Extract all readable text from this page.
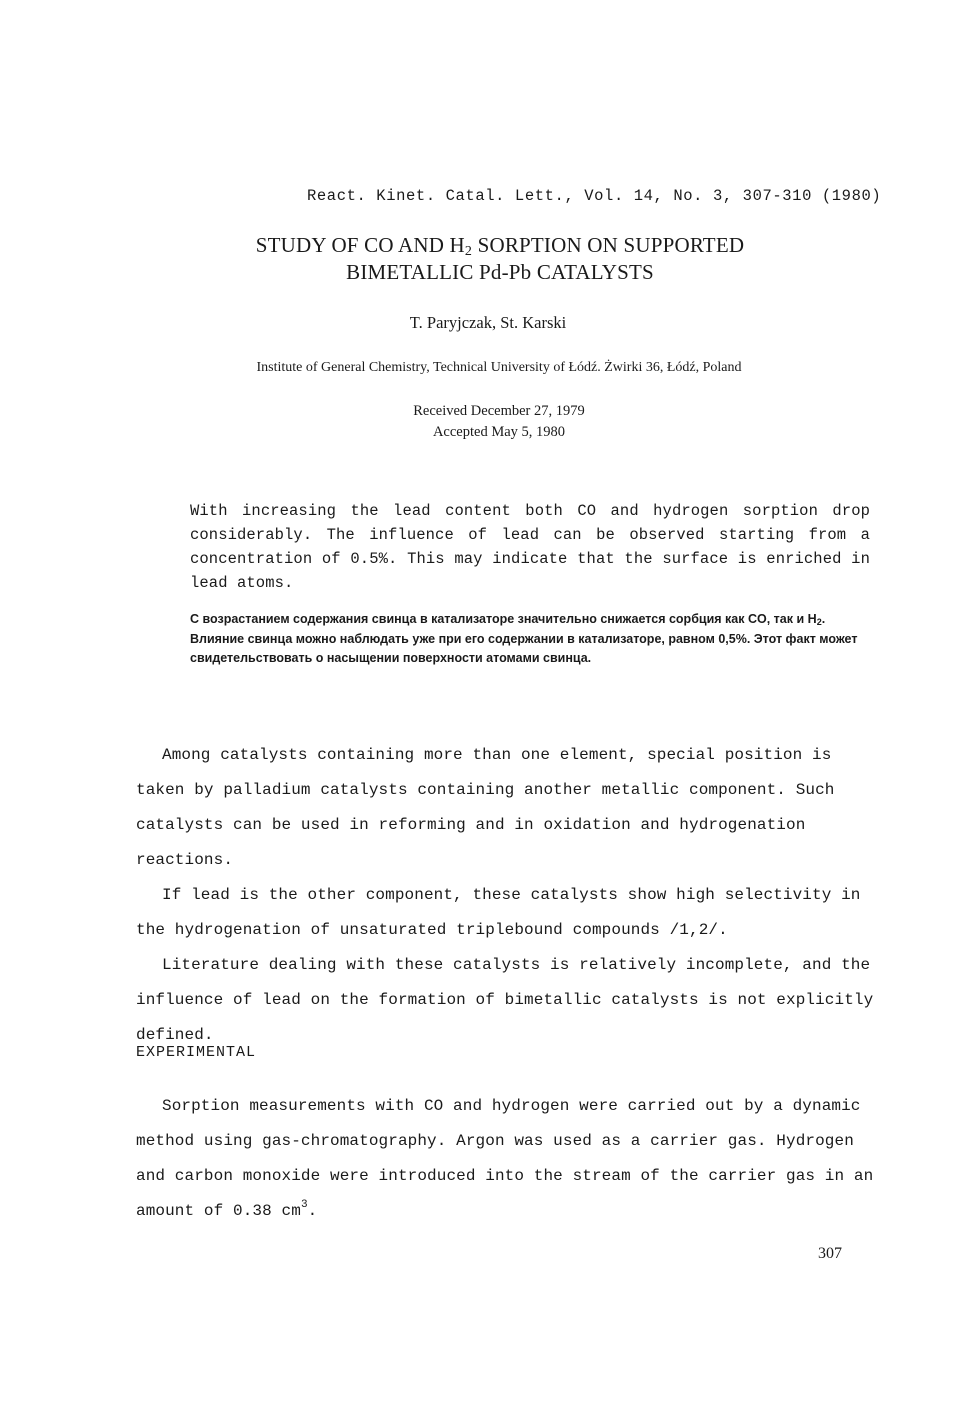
React. Kinet. Catal. Lett., Vol. 14, No. 3, 307-310 (1980)
STUDY OF CO AND $H_2$ SORPTION ON SUPPORTED
BIMETALLIC Pd-Pb CATALYSTS
T. Paryjczak, St. Karski
Institute of General Chemistry, Technical University of Łódź. Żwirki 36, Łódź, Poland
Received December 27, 1979
Accepted May 5, 1980
With increasing the lead content both CO and hydrogen sorption drop considerably. The influence of lead can be observed starting from a concentration of 0.5%. This may indicate that the surface is enriched in lead atoms.
С возрастанием содержания свинца в катализаторе значительно снижается сорбция как CO, так и $H_2$. Влияние свинца можно наблюдать уже при его содержании в катализаторе, равном 0,5%. Этот факт может свидетельствовать о насыщении поверхности атомами свинца.

Among catalysts containing more than one element, special position is taken by palladium catalysts containing another metallic component. Such catalysts can be used in reforming and in oxidation and hydrogenation reactions.

If lead is the other component, these catalysts show high selectivity in the hydrogenation of unsaturated triplebound compounds /1,2/.

Literature dealing with these catalysts is relatively incomplete, and the influence of lead on the formation of bimetallic catalysts is not explicitly defined.

EXPERIMENTAL

Sorption measurements with CO and hydrogen were carried out by a dynamic method using gas-chromatography. Argon was used as a carrier gas. Hydrogen and carbon monoxide were introduced into the stream of the carrier gas in an amount of 0.38 $cm^3$.

307
